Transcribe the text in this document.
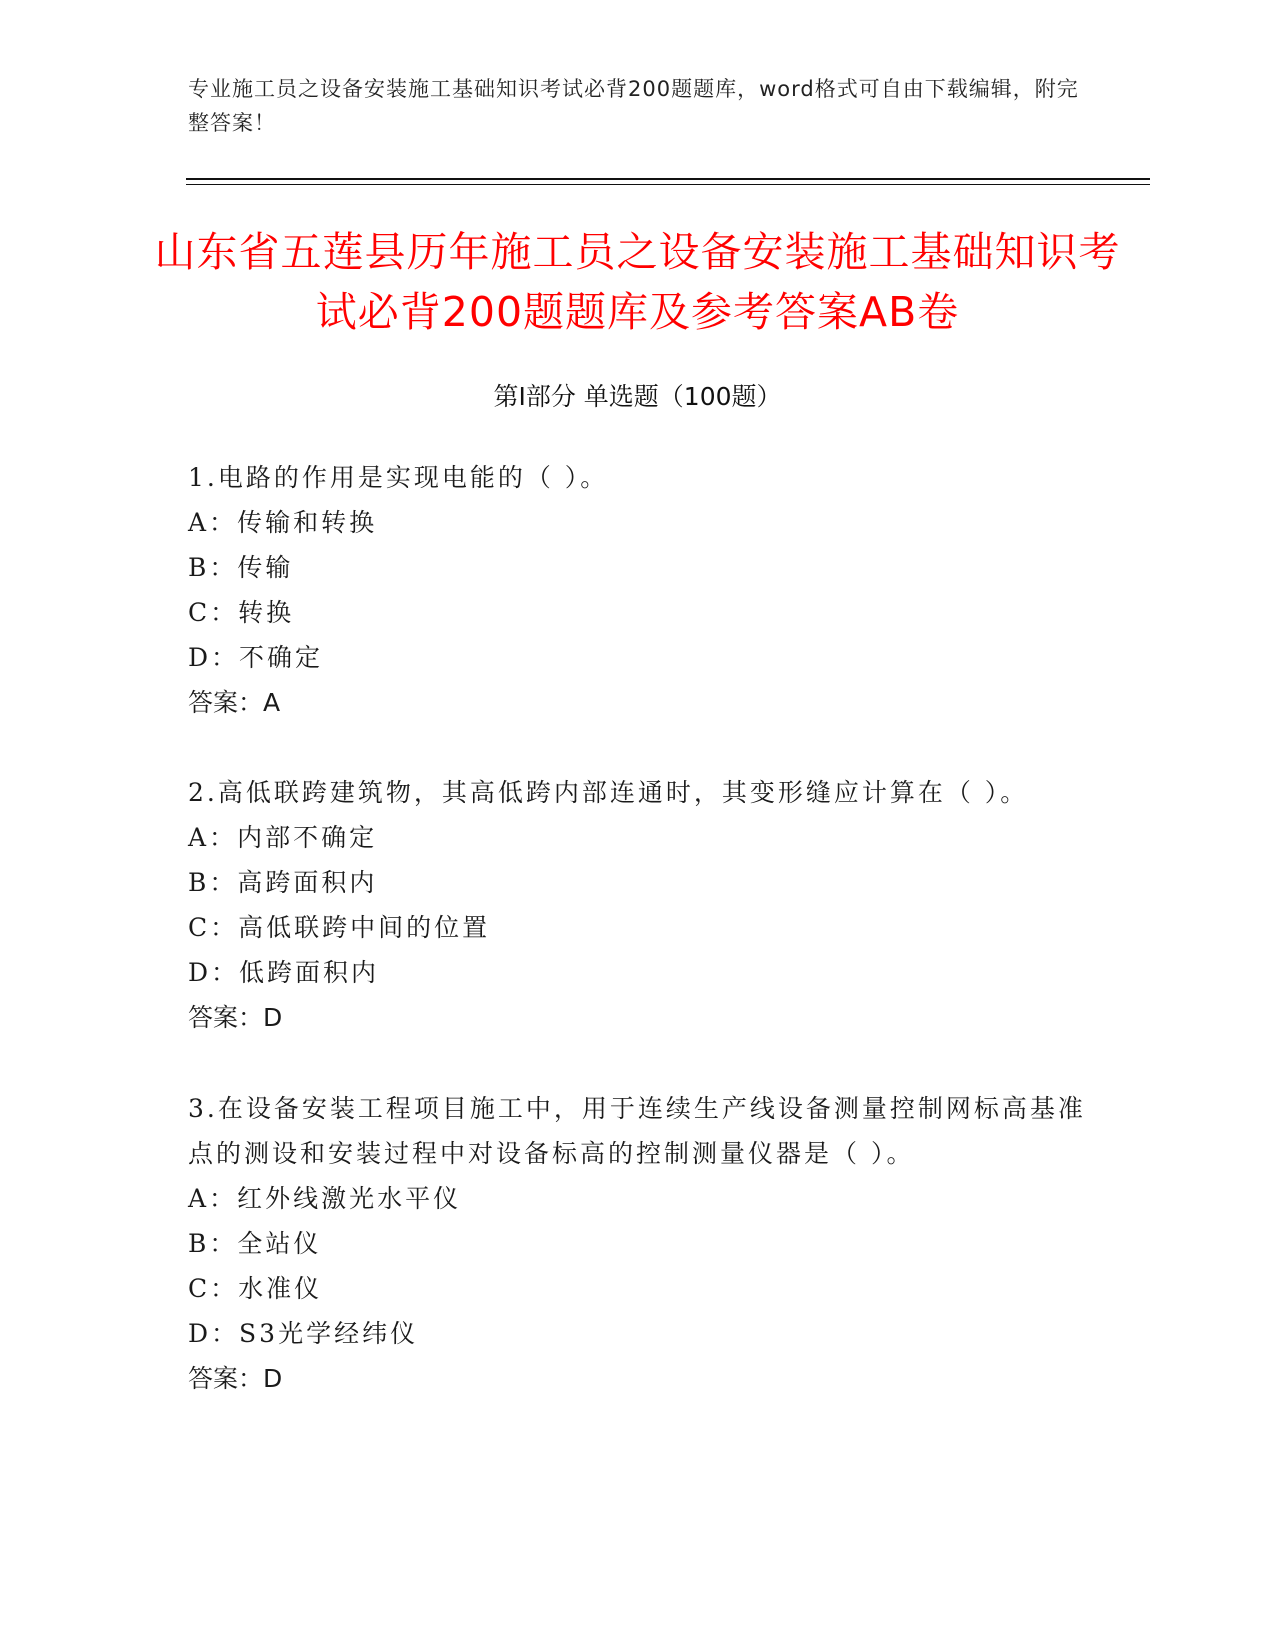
专业施工员之设备安装施工基础知识考试必背200题题库，word格式可自由下载编辑，附完整答案！
山东省五莲县历年施工员之设备安装施工基础知识考试必背200题题库及参考答案AB卷
第Ⅰ部分 单选题（100题）

1.电路的作用是实现电能的（ ）。

A：传输和转换

B：传输

C：转换

D：不确定

答案：A

2.高低联跨建筑物，其高低跨内部连通时，其变形缝应计算在（ ）。

A：内部不确定

B：高跨面积内

C：高低联跨中间的位置

D：低跨面积内

答案：D

3.在设备安装工程项目施工中，用于连续生产线设备测量控制网标高基准点的测设和安装过程中对设备标高的控制测量仪器是（ ）。

A：红外线激光水平仪

B：全站仪

C：水准仪

D：S3光学经纬仪

答案：D
